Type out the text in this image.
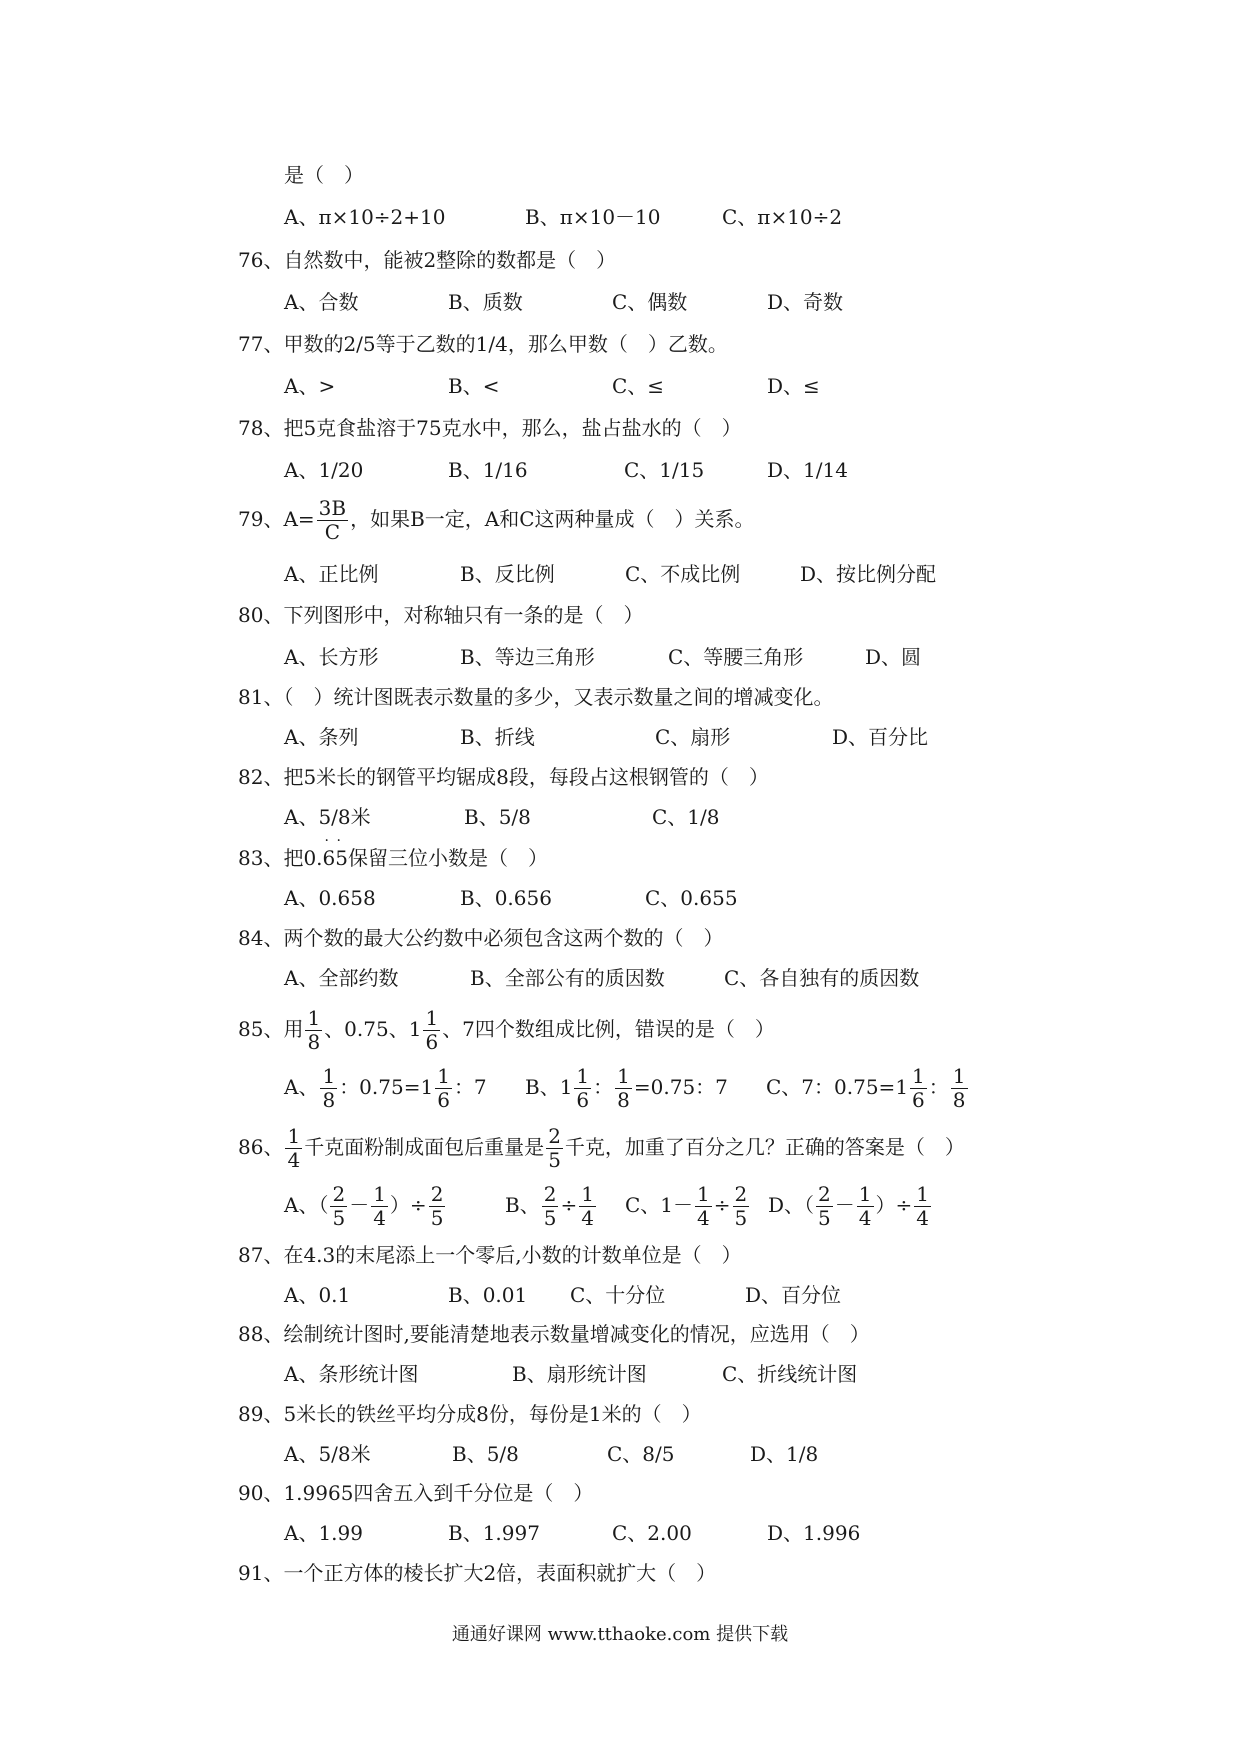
是（　）
A、π×10÷2+10	B、π×10－10	C、π×10÷2
76、自然数中，能被2整除的数都是（　）
A、合数	B、质数	C、偶数	D、奇数
77、甲数的2/5等于乙数的1/4，那么甲数（　）乙数。
A、>	B、<	C、≤	D、≤
78、把5克食盐溶于75克水中，那么，盐占盐水的（　）
A、1/20	B、1/16	C、1/15	D、1/14
79、$A= \frac{3B}{C}$ ，如果B一定，A和C这两种量成（　）关系。
A、正比例	B、反比例	C、不成比例	D、按比例分配
80、下列图形中，对称轴只有一条的是（　）
A、长方形	B、等边三角形	C、等腰三角形	D、圆
81、（　）统计图既表示数量的多少，又表示数量之间的增减变化。
A、条列	B、折线	C、扇形	D、百分比
82、把5米长的钢管平均锯成8段，每段占这根钢管的（　）
A、5/8米	B、5/8	C、1/8
83、把0.
· ·
65保留三位小数是（　）
A、0.658	B、0.656	C、0.655
84、两个数的最大公约数中必须包含这两个数的（　）
A、全部约数	B、全部公有的质因数	C、各自独有的质因数
85、用 $\frac{1}{8}$ 、0.75、$1 \frac{1}{6}$ 、7四个数组成比例，错误的是（　）
A、 $\frac{1}{8}$ ：$0.75=1 \frac{1}{6}$ ：7 B、$1 \frac{1}{6}$ ： $\frac{1}{8} =0.75$：7 C、7：$0.75=1 \frac{1}{6}$ ： $\frac{1}{8}$
86、 $\frac{1}{4}$ 千克面粉制成面包后重量是 $\frac{2}{5}$ 千克，加重了百分之几？正确的答案是（　）
A、（ $\frac{2}{5} - \frac{1}{4}$ ）÷ $\frac{2}{5}$	B、 $\frac{2}{5} \div \frac{1}{4}$ C、$1- \frac{1}{4} \div \frac{2}{5}$ D、（ $\frac{2}{5} - \frac{1}{4}$ ）÷ $\frac{1}{4}$
87、在4.3的末尾添上一个零后,小数的计数单位是（　）
A、0.1	B、0.01 C、十分位	D、百分位
88、绘制统计图时,要能清楚地表示数量增减变化的情况，应选用（　）
A、条形统计图	B、扇形统计图	C、折线统计图
89、5米长的铁丝平均分成8份，每份是1米的（　）
A、5/8米	B、5/8	C、8/5	D、1/8
90、1.9965四舍五入到千分位是（　）
A、1.99	B、1.997	C、2.00	D、1.996
91、一个正方体的棱长扩大2倍，表面积就扩大（　）
通通好课网 www.tthaoke.com 提供下载
